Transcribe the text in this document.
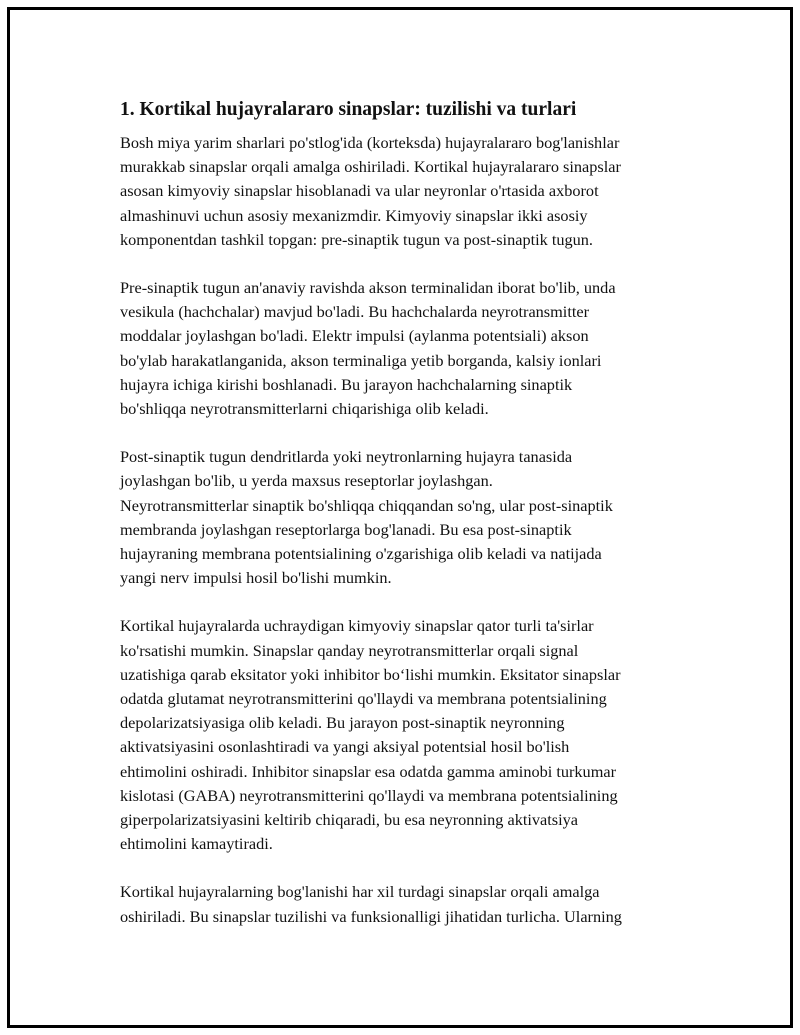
1. Kortikal hujayralararo sinapslar: tuzilishi va turlari

Bosh miya yarim sharlari po'stlog'ida (korteksda) hujayralararo bog'lanishlar
murakkab sinapslar orqali amalga oshiriladi. Kortikal hujayralararo sinapslar
asosan kimyoviy sinapslar hisoblanadi va ular neyronlar o'rtasida axborot
almashinuvi uchun asosiy mexanizmdir. Kimyoviy sinapslar ikki asosiy
komponentdan tashkil topgan: pre-sinaptik tugun va post-sinaptik tugun.

Pre-sinaptik tugun an'anaviy ravishda akson terminalidan iborat bo'lib, unda
vesikula (hachchalar) mavjud bo'ladi. Bu hachchalarda neyrotransmitter
moddalar joylashgan bo'ladi. Elektr impulsi (aylanma potentsiali) akson
bo'ylab harakatlanganida, akson terminaliga yetib borganda, kalsiy ionlari
hujayra ichiga kirishi boshlanadi. Bu jarayon hachchalarning sinaptik
bo'shliqqa neyrotransmitterlarni chiqarishiga olib keladi.

Post-sinaptik tugun dendritlarda yoki neytronlarning hujayra tanasida
joylashgan bo'lib, u yerda maxsus reseptorlar joylashgan.
Neyrotransmitterlar sinaptik bo'shliqqa chiqqandan so'ng, ular post-sinaptik
membranda joylashgan reseptorlarga bog'lanadi. Bu esa post-sinaptik
hujayraning membrana potentsialining o'zgarishiga olib keladi va natijada
yangi nerv impulsi hosil bo'lishi mumkin.

Kortikal hujayralarda uchraydigan kimyoviy sinapslar qator turli ta'sirlar
ko'rsatishi mumkin. Sinapslar qanday neyrotransmitterlar orqali signal
uzatishiga qarab eksitator yoki inhibitor bo‘lishi mumkin. Eksitator sinapslar
odatda glutamat neyrotransmitterini qo'llaydi va membrana potentsialining
depolarizatsiyasiga olib keladi. Bu jarayon post-sinaptik neyronning
aktivatsiyasini osonlashtiradi va yangi aksiyal potentsial hosil bo'lish
ehtimolini oshiradi. Inhibitor sinapslar esa odatda gamma aminobi turkumar
kislotasi (GABA) neyrotransmitterini qo'llaydi va membrana potentsialining
giperpolarizatsiyasini keltirib chiqaradi, bu esa neyronning aktivatsiya
ehtimolini kamaytiradi.

Kortikal hujayralarning bog'lanishi har xil turdagi sinapslar orqali amalga
oshiriladi. Bu sinapslar tuzilishi va funksionalligi jihatidan turlicha. Ularning
